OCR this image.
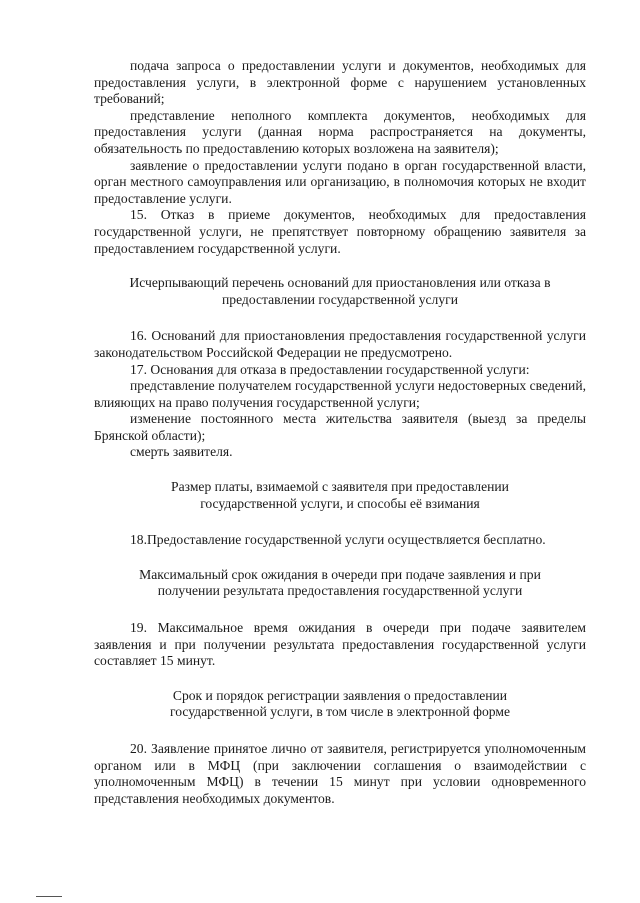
подача запроса о предоставлении услуги и документов, необходимых для предоставления услуги, в электронной форме с нарушением установленных требований;

представление неполного комплекта документов, необходимых для предоставления услуги (данная норма распространяется на документы, обязательность по предоставлению которых возложена на заявителя);

заявление о предоставлении услуги подано в орган государственной власти, орган местного самоуправления или организацию, в полномочия которых не входит предоставление услуги.

15. Отказ в приеме документов, необходимых для предоставления государственной услуги, не препятствует повторному обращению заявителя за предоставлением государственной услуги.

Исчерпывающий перечень оснований для приостановления или отказа в предоставлении государственной услуги

16. Оснований для приостановления предоставления государственной услуги законодательством Российской Федерации не предусмотрено.

17. Основания для отказа в предоставлении государственной услуги:

представление получателем государственной услуги недостоверных сведений, влияющих на право получения государственной услуги;

изменение постоянного места жительства заявителя (выезд за пределы Брянской области);

смерть заявителя.

Размер платы, взимаемой с заявителя при предоставлении государственной услуги, и способы её взимания

18.Предоставление государственной услуги осуществляется бесплатно.

Максимальный срок ожидания в очереди при подаче заявления и при получении результата предоставления государственной услуги

19. Максимальное время ожидания в очереди при подаче заявителем заявления и при получении результата предоставления государственной услуги составляет 15 минут.

Срок и порядок регистрации заявления о предоставлении государственной услуги, в том числе в электронной форме

20. Заявление принятое лично от заявителя, регистрируется уполномоченным органом или в МФЦ (при заключении соглашения о взаимодействии с уполномоченным МФЦ) в течении 15 минут при условии одновременного представления необходимых документов.
